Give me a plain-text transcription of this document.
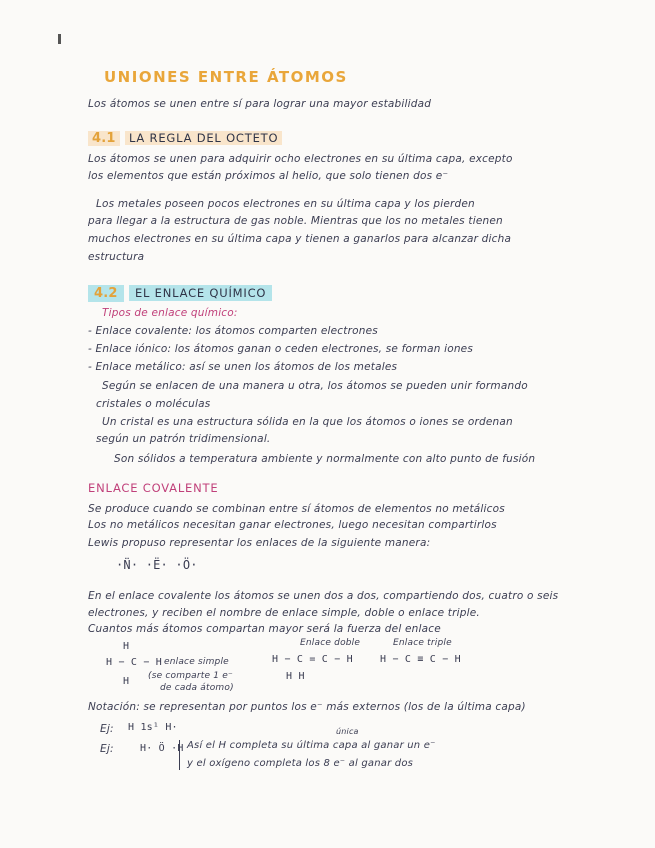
UNIONES ENTRE ÁTOMOS
Los átomos se unen entre sí para lograr una mayor estabilidad
4.1 LA REGLA DEL OCTETO
Los átomos se unen para adquirir ocho electrones en su última capa, excepto
los elementos que están próximos al helio, que solo tienen dos e⁻
Los metales poseen pocos electrones en su última capa y los pierden
para llegar a la estructura de gas noble. Mientras que los no metales tienen
muchos electrones en su última capa y tienen a ganarlos para alcanzar dicha
estructura
4.2 EL ENLACE QUÍMICO
Tipos de enlace químico:
- Enlace covalente: los átomos comparten electrones
- Enlace iónico: los átomos ganan o ceden electrones, se forman iones
- Enlace metálico: así se unen los átomos de los metales
Según se enlacen de una manera u otra, los átomos se pueden unir formando
cristales o moléculas
Un cristal es una estructura sólida en la que los átomos o iones se ordenan
según un patrón tridimensional.
Son sólidos a temperatura ambiente y normalmente con alto punto de fusión
ENLACE COVALENTE
Se produce cuando se combinan entre sí átomos de elementos no metálicos
Los no metálicos necesitan ganar electrones, luego necesitan compartirlos
Lewis propuso representar los enlaces de la siguiente manera:
·N̈· ·Ë· ·Ö·
En el enlace covalente los átomos se unen dos a dos, compartiendo dos, cuatro o seis
electrones, y reciben el nombre de enlace simple, doble o enlace triple.
Cuantos más átomos compartan mayor será la fuerza del enlace
H
H − C − H
H
enlace simple
(se comparte 1 e⁻
de cada átomo)
Enlace doble
H − C = C − H
H H
Enlace triple
H − C ≡ C − H
Notación: se representan por puntos los e⁻ más externos (los de la última capa)
Ej: H 1s¹ H·
Ej:	H· Ö ·H
única
Así el H completa su última capa al ganar un e⁻
y el oxígeno completa los 8 e⁻ al ganar dos
